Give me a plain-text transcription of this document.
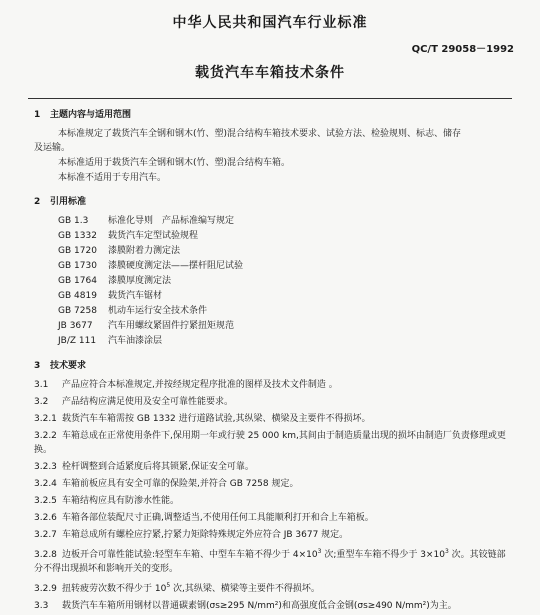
中华人民共和国汽车行业标准
QC/T 29058－1992
载货汽车车箱技术条件
1 主题内容与适用范围

本标准规定了载货汽车全钢和钢木(竹、塑)混合结构车箱技术要求、试验方法、检验规则、标志、储存

及运输。

本标准适用于载货汽车全钢和钢木(竹、塑)混合结构车箱。

本标准不适用于专用汽车。

2 引用标准
GB 1.3 标准化导则　产品标准编写规定
GB 1332 载货汽车定型试验规程
GB 1720 漆膜附着力测定法
GB 1730 漆膜硬度测定法——摆杆阻尼试验
GB 1764 漆膜厚度测定法
GB 4819 载货汽车锯材
GB 7258 机动车运行安全技术条件
JB 3677 汽车用螺纹紧固件拧紧扭矩规范
JB/Z 111 汽车油漆涂层
3 技术要求
3.1 产品应符合本标准规定,并按经规定程序批准的图样及技术文件制造 。
3.2 产品结构应满足使用及安全可靠性能要求。
3.2.1 载货汽车车箱需按 GB 1332 进行道路试验,其纵梁、横梁及主要件不得损坏。
3.2.2 车箱总成在正常使用条件下,保用期一年或行驶 25 000 km,其间由于制造质量出现的损坏由制造厂负责修理或更换。
3.2.3 栓杆调整到合适紧度后将其锁紧,保证安全可靠。
3.2.4 车箱前板应具有安全可靠的保险架,并符合 GB 7258 规定。
3.2.5 车箱结构应具有防渗水性能。
3.2.6 车箱各部位装配尺寸正确,调整适当,不使用任何工具能顺利打开和合上车箱板。
3.2.7 车箱总成所有螺栓应拧紧,拧紧力矩除特殊规定外应符合 JB 3677 规定。
3.2.8 边板开合可靠性能试验:轻型车车箱、中型车车箱不得少于 $4\times 10^3$ 次;重型车车箱不得少于 $3\times 10^3$ 次。其铰链部分不得出现损坏和影响开关的变形。
3.2.9 扭转疲劳次数不得少于 $10^5$ 次,其纵梁、横梁等主要件不得损坏。
3.3 载货汽车车箱所用钢材以普通碳素钢(σs≥295 N/mm²)和高强度低合金钢(σs≥490 N/mm²)为主。
